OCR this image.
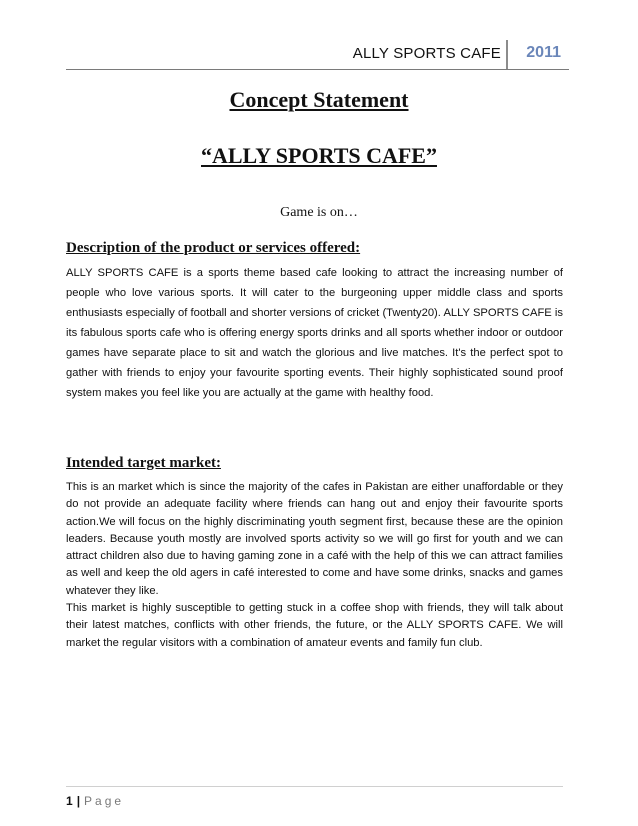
ALLY SPORTS CAFE 2011
Concept Statement
“ALLY SPORTS CAFE”
Game is on…
Description of the product or services offered:

ALLY SPORTS CAFE is a sports theme based cafe looking to attract the increasing number of people who love various sports. It will cater to the burgeoning upper middle class and sports enthusiasts especially of football and shorter versions of cricket (Twenty20). ALLY SPORTS CAFE is its fabulous sports cafe who is offering energy sports drinks and all sports whether indoor or outdoor games have separate place to sit and watch the glorious and live matches. It's the perfect spot to gather with friends to enjoy your favourite sporting events. Their highly sophisticated sound proof system makes you feel like you are actually at the game with healthy food.

Intended target market:

This is an market which is since the majority of the cafes in Pakistan are either unaffordable or they do not provide an adequate facility where friends can hang out and enjoy their favourite sports action.We will focus on the highly discriminating youth segment first, because these are the opinion leaders. Because youth mostly are involved sports activity so we will go first for youth and we can attract children also due to having gaming zone in a café with the help of this we can attract families as well and keep the old agers in café interested to come and have some drinks, snacks and games whatever they like.

This market is highly susceptible to getting stuck in a coffee shop with friends, they will talk about their latest matches, conflicts with other friends, the future, or the ALLY SPORTS CAFE. We will market the regular visitors with a combination of amateur events and family fun club.

1 | Page
